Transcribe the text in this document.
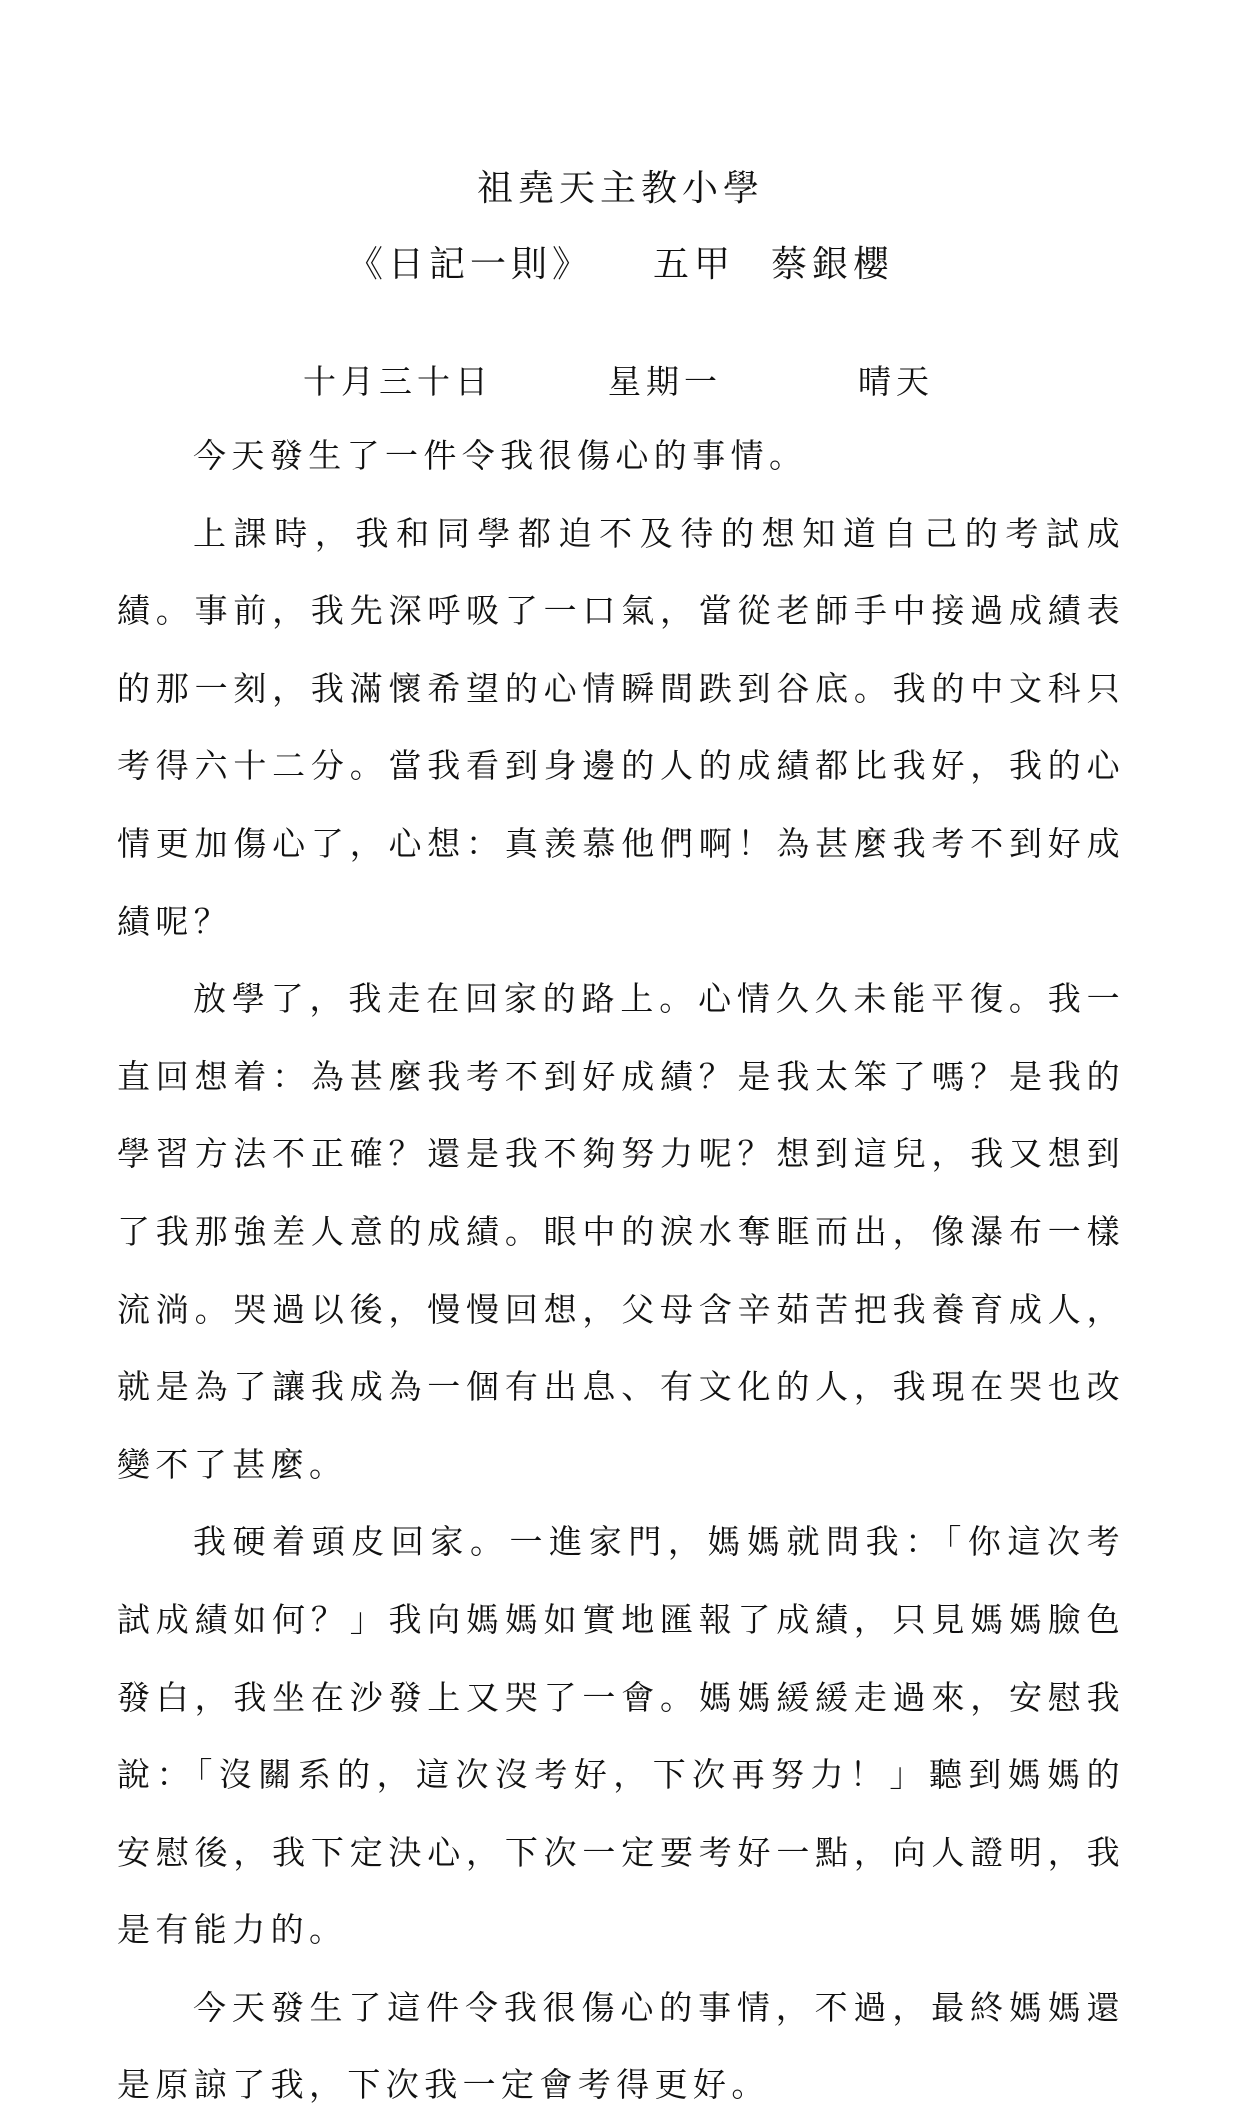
祖堯天主教小學
《日記一則》 五甲 蔡銀櫻
十月三十日	星期一	晴天

今天發生了一件令我很傷心的事情。

上課時，我和同學都迫不及待的想知道自己的考試成績。事前，我先深呼吸了一口氣，當從老師手中接過成績表的那一刻，我滿懷希望的心情瞬間跌到谷底。我的中文科只考得六十二分。當我看到身邊的人的成績都比我好，我的心情更加傷心了，心想：真羡慕他們啊！為甚麼我考不到好成績呢？

放學了，我走在回家的路上。心情久久未能平復。我一直回想着：為甚麼我考不到好成績？是我太笨了嗎？是我的學習方法不正確？還是我不夠努力呢？想到這兒，我又想到了我那強差人意的成績。眼中的淚水奪眶而出，像瀑布一樣流淌。哭過以後，慢慢回想，父母含辛茹苦把我養育成人，就是為了讓我成為一個有出息、有文化的人，我現在哭也改變不了甚麼。

我硬着頭皮回家。一進家門，媽媽就問我：「你這次考試成績如何？」我向媽媽如實地匯報了成績，只見媽媽臉色發白，我坐在沙發上又哭了一會。媽媽緩緩走過來，安慰我說：「沒關系的，這次沒考好，下次再努力！」聽到媽媽的安慰後，我下定決心，下次一定要考好一點，向人證明，我是有能力的。

今天發生了這件令我很傷心的事情，不過，最終媽媽還是原諒了我，下次我一定會考得更好。
